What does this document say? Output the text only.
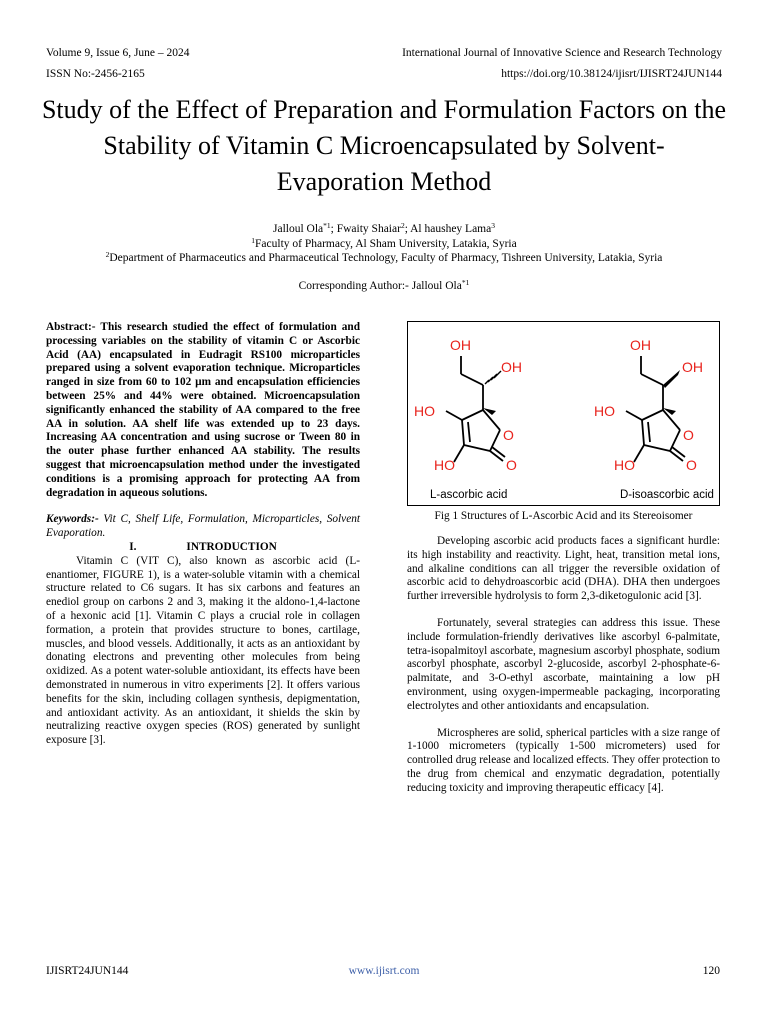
Volume 9, Issue 6, June – 2024	International Journal of Innovative Science and Research Technology
ISSN No:-2456-2165	https://doi.org/10.38124/ijisrt/IJISRT24JUN144
Study of the Effect of Preparation and Formulation Factors on the Stability of Vitamin C Microencapsulated by Solvent-Evaporation Method
Jalloul Ola$^{*1}$; Fwaity Shaiar$^2$; Al haushey Lama$^3$
$^1$Faculty of Pharmacy, Al Sham University, Latakia, Syria
$^2$Department of Pharmaceutics and Pharmaceutical Technology, Faculty of Pharmacy, Tishreen University, Latakia, Syria
Corresponding Author:- Jalloul Ola$^{*1}$

Abstract:- This research studied the effect of formulation and processing variables on the stability of vitamin C or Ascorbic Acid (AA) encapsulated in Eudragit RS100 microparticles prepared using a solvent evaporation technique. Microparticles ranged in size from 60 to 102 µm and encapsulation efficiencies between 25% and 44% were obtained. Microencapsulation significantly enhanced the stability of AA compared to the free AA in solution. AA shelf life was extended up to 23 days. Increasing AA concentration and using sucrose or Tween 80 in the outer phase further enhanced AA stability. The results suggest that microencapsulation method under the investigated conditions is a promising approach for protecting AA from degradation in aqueous solutions.

Keywords:- Vit C, Shelf Life, Formulation, Microparticles, Solvent Evaporation.

I.	INTRODUCTION

Vitamin C (VIT C), also known as ascorbic acid (L-enantiomer, FIGURE 1), is a water-soluble vitamin with a chemical structure related to C6 sugars. It has six carbons and features an enediol group on carbons 2 and 3, making it the aldono-1,4-lactone of a hexonic acid [1]. Vitamin C plays a crucial role in collagen formation, a protein that provides structure to bones, cartilage, muscles, and blood vessels. Additionally, it acts as an antioxidant by donating electrons and preventing other molecules from being oxidized. As a potent water-soluble antioxidant, its effects have been demonstrated in numerous in vitro experiments [2]. It offers various benefits for the skin, including collagen synthesis, depigmentation, and antioxidant activity. As an antioxidant, it shields the skin by neutralizing reactive oxygen species (ROS) generated by sunlight exposure [3].

OH
OH
HO
O
HO	O
OH
OH
HO
O
HO	O
L-ascorbic acid	D-isoascorbic acid
Fig 1 Structures of L-Ascorbic Acid and its Stereoisomer

Developing ascorbic acid products faces a significant hurdle: its high instability and reactivity. Light, heat, transition metal ions, and alkaline conditions can all trigger the reversible oxidation of ascorbic acid to dehydroascorbic acid (DHA). DHA then undergoes further irreversible hydrolysis to form 2,3-diketogulonic acid [3].

Fortunately, several strategies can address this issue. These include formulation-friendly derivatives like ascorbyl 6-palmitate, tetra-isopalmitoyl ascorbate, magnesium ascorbyl phosphate, sodium ascorbyl phosphate, ascorbyl 2-glucoside, ascorbyl 2-phosphate-6-palmitate, and 3-O-ethyl ascorbate, maintaining a low pH environment, using oxygen-impermeable packaging, incorporating electrolytes and other antioxidants and encapsulation.

Microspheres are solid, spherical particles with a size range of 1-1000 micrometers (typically 1-500 micrometers) used for controlled drug release and localized effects. They offer protection to the drug from chemical and enzymatic degradation, potentially reducing toxicity and improving therapeutic efficacy [4].

IJISRT24JUN144	www.ijisrt.com	120
